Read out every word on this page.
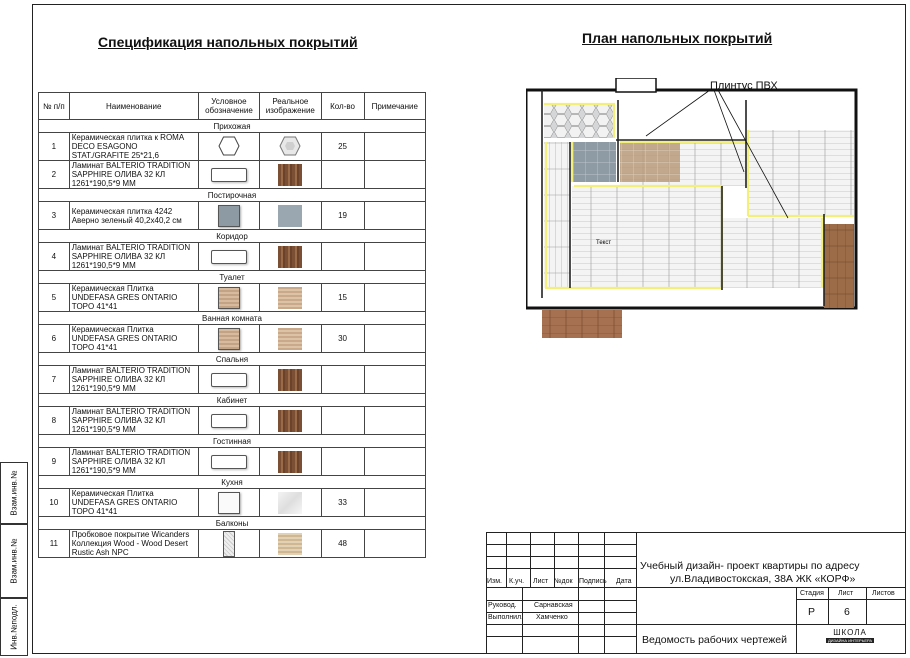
Взам.инв.№
Взам.инв.№
Инв.№подл.
Спецификация напольных покрытий	План напольных покрытий
№ п/п	Наименование	Условное обозначение	Реальное изображение	Кол-во	Примечание
Прихожая					
1	Керамическая плитка к ROMA DECO ESAGONO STAT./GRAFITE 25*21,6			25	
2	Ламинат BALTERIO TRADITION SAPPHIRE ОЛИВА 32 КЛ 1261*190,5*9 ММ				
Постирочная					
3	Керамическая плитка 4242 Аверно зеленый 40,2х40,2 см			19	
Коридор					
4	Ламинат BALTERIO TRADITION SAPPHIRE ОЛИВА 32 КЛ 1261*190,5*9 ММ				
Туалет					
5	Керамическая Плитка UNDEFASA GRES ONTARIO TOPO 41*41			15	
Ванная комната					
6	Керамическая Плитка UNDEFASA GRES ONTARIO TOPO 41*41			30	
Спальня					
7	Ламинат BALTERIO TRADITION SAPPHIRE ОЛИВА 32 КЛ 1261*190,5*9 ММ				
Кабинет					
8	Ламинат BALTERIO TRADITION SAPPHIRE ОЛИВА 32 КЛ 1261*190,5*9 ММ				
Гостинная					
9	Ламинат BALTERIO TRADITION SAPPHIRE ОЛИВА 32 КЛ 1261*190,5*9 ММ				
Кухня					
10	Керамическая Плитка UNDEFASA GRES ONTARIO TOPO 41*41			33	
Балконы					
11	Пробковое покрытие Wicanders Коллекция Wood - Wood Desert Rustic Ash NPC			48	
Текст
Плинтус ПВХ
Учебный дизайн- проект квартиры по адресу
ул.Владивостокская, 38А ЖК «КОРФ»
Изм. К.уч. Лист №док Подпись Дата
Стадия Лист	Листов
Р	6
Руковод. Сарнавская
Выполнил. Хамченко
Ведомость рабочих чертежей
ШКОЛА
ДИЗАЙНА ИНТЕРЬЕРА
